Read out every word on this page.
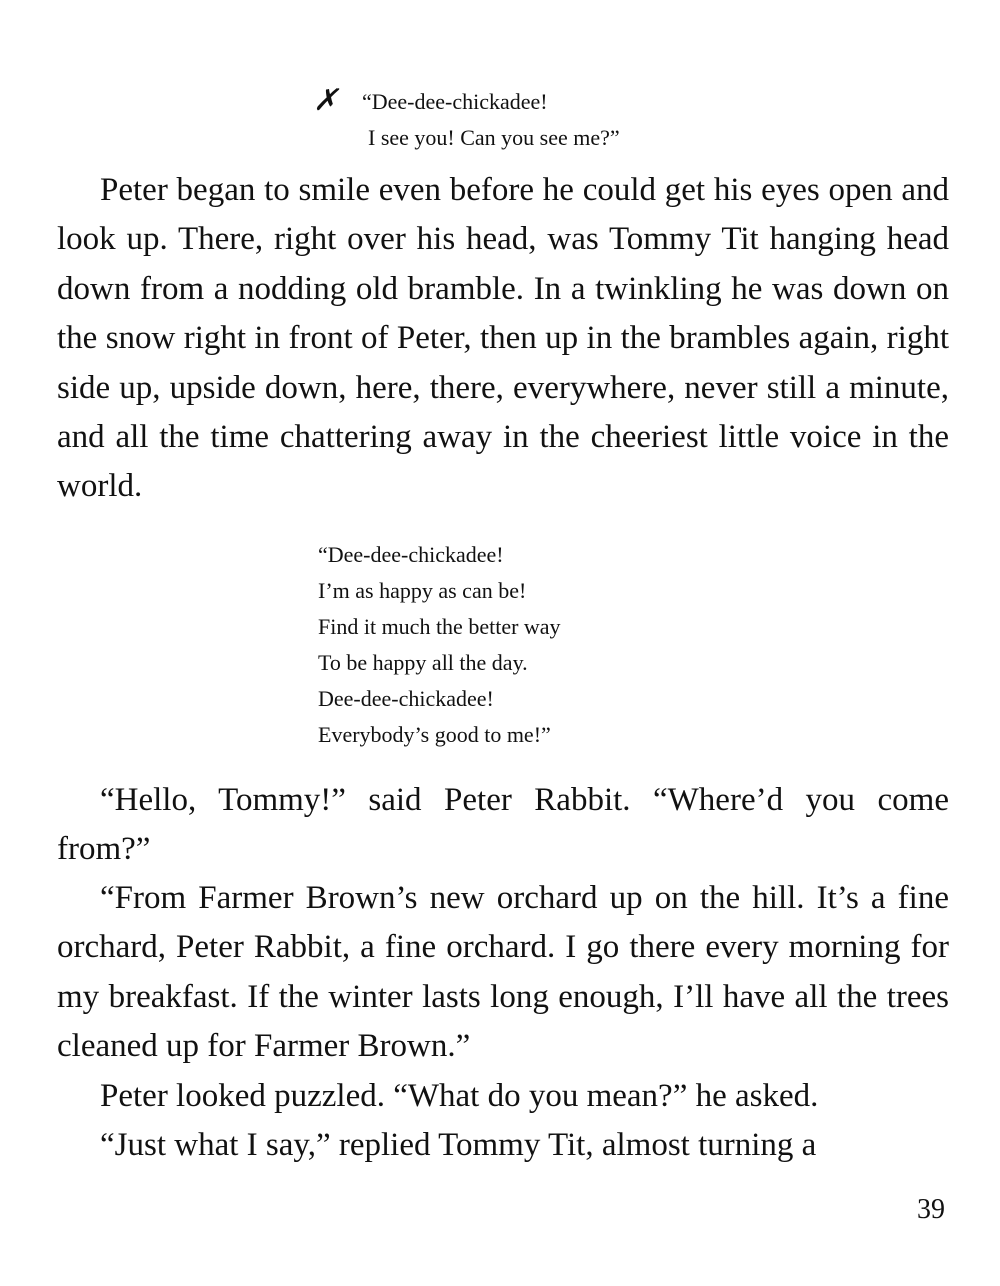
✗ “Dee-dee-chickadee!
I see you! Can you see me?”

Peter began to smile even before he could get his eyes open and look up. There, right over his head, was Tommy Tit hanging head down from a nodding old bramble. In a twinkling he was down on the snow right in front of Peter, then up in the brambles again, right side up, upside down, here, there, everywhere, never still a minute, and all the time chattering away in the cheeriest little voice in the world.

“Dee-dee-chickadee!
I’m as happy as can be!
Find it much the better way
To be happy all the day.
Dee-dee-chickadee!
Everybody’s good to me!”

“Hello, Tommy!” said Peter Rabbit. “Where’d you come from?”

“From Farmer Brown’s new orchard up on the hill. It’s a fine orchard, Peter Rabbit, a fine orchard. I go there every morning for my breakfast. If the winter lasts long enough, I’ll have all the trees cleaned up for Farmer Brown.”

Peter looked puzzled. “What do you mean?” he asked.

“Just what I say,” replied Tommy Tit, almost turning a

39
